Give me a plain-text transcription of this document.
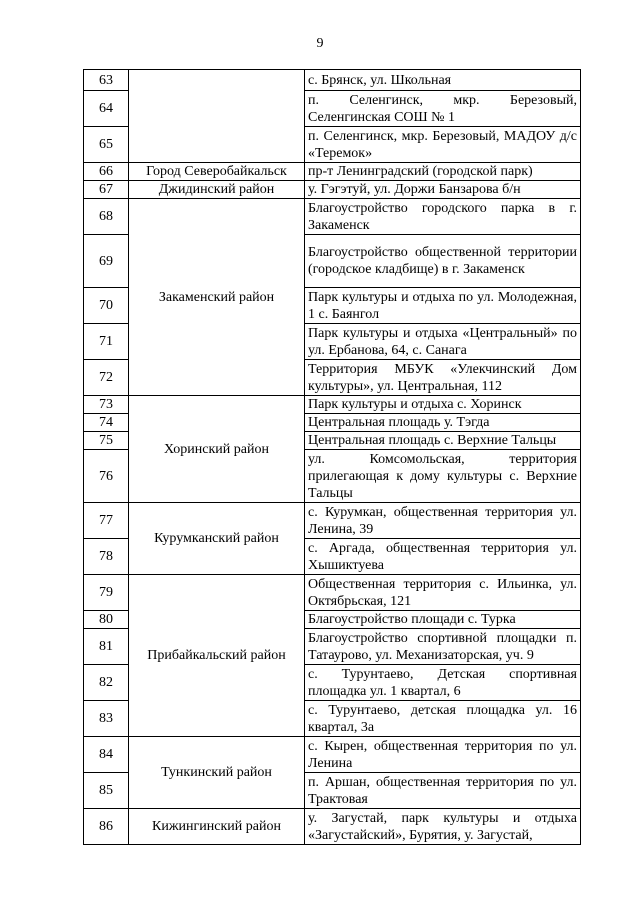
9
63		с. Брянск, ул. Школьная
64		п. Селенгинск, мкр. Березовый, Селенгинская СОШ № 1
65		п. Селенгинск, мкр. Березовый, МАДОУ д/с «Теремок»
66	Город Северобайкальск	пр-т Ленинградский (городской парк)
67	Джидинский район	у. Гэгэтуй, ул. Доржи Банзарова б/н
68	Закаменский район	Благоустройство городского парка в г. Закаменск
69		Благоустройство общественной территории (городское кладбище) в г. Закаменск
70		Парк культуры и отдыха по ул. Молодежная, 1 с. Баянгол
71		Парк культуры и отдыха «Центральный» по ул. Ербанова, 64, с. Санага
72		Территория МБУК «Улекчинский Дом культуры», ул. Центральная, 112
73	Хоринский район	Парк культуры и отдыха с. Хоринск
74		Центральная площадь у. Тэгда
75		Центральная площадь с. Верхние Тальцы
76		ул. Комсомольская, территория прилегающая к дому культуры с. Верхние Тальцы
77	Курумканский район	с. Курумкан, общественная территория ул. Ленина, 39
78		с. Аргада, общественная территория ул. Хышиктуева
79	Прибайкальский район	Общественная территория с. Ильинка, ул. Октябрьская, 121
80		Благоустройство площади с. Турка
81		Благоустройство спортивной площадки п. Татаурово, ул. Механизаторская, уч. 9
82		с. Турунтаево, Детская спортивная площадка ул. 1 квартал, 6
83		с. Турунтаево, детская площадка ул. 16 квартал, 3а
84	Тункинский район	с. Кырен, общественная территория по ул. Ленина
85		п. Аршан, общественная территория по ул. Трактовая
86	Кижингинский район	у. Загустай, парк культуры и отдыха «Загустайский», Бурятия, у. Загустай,
